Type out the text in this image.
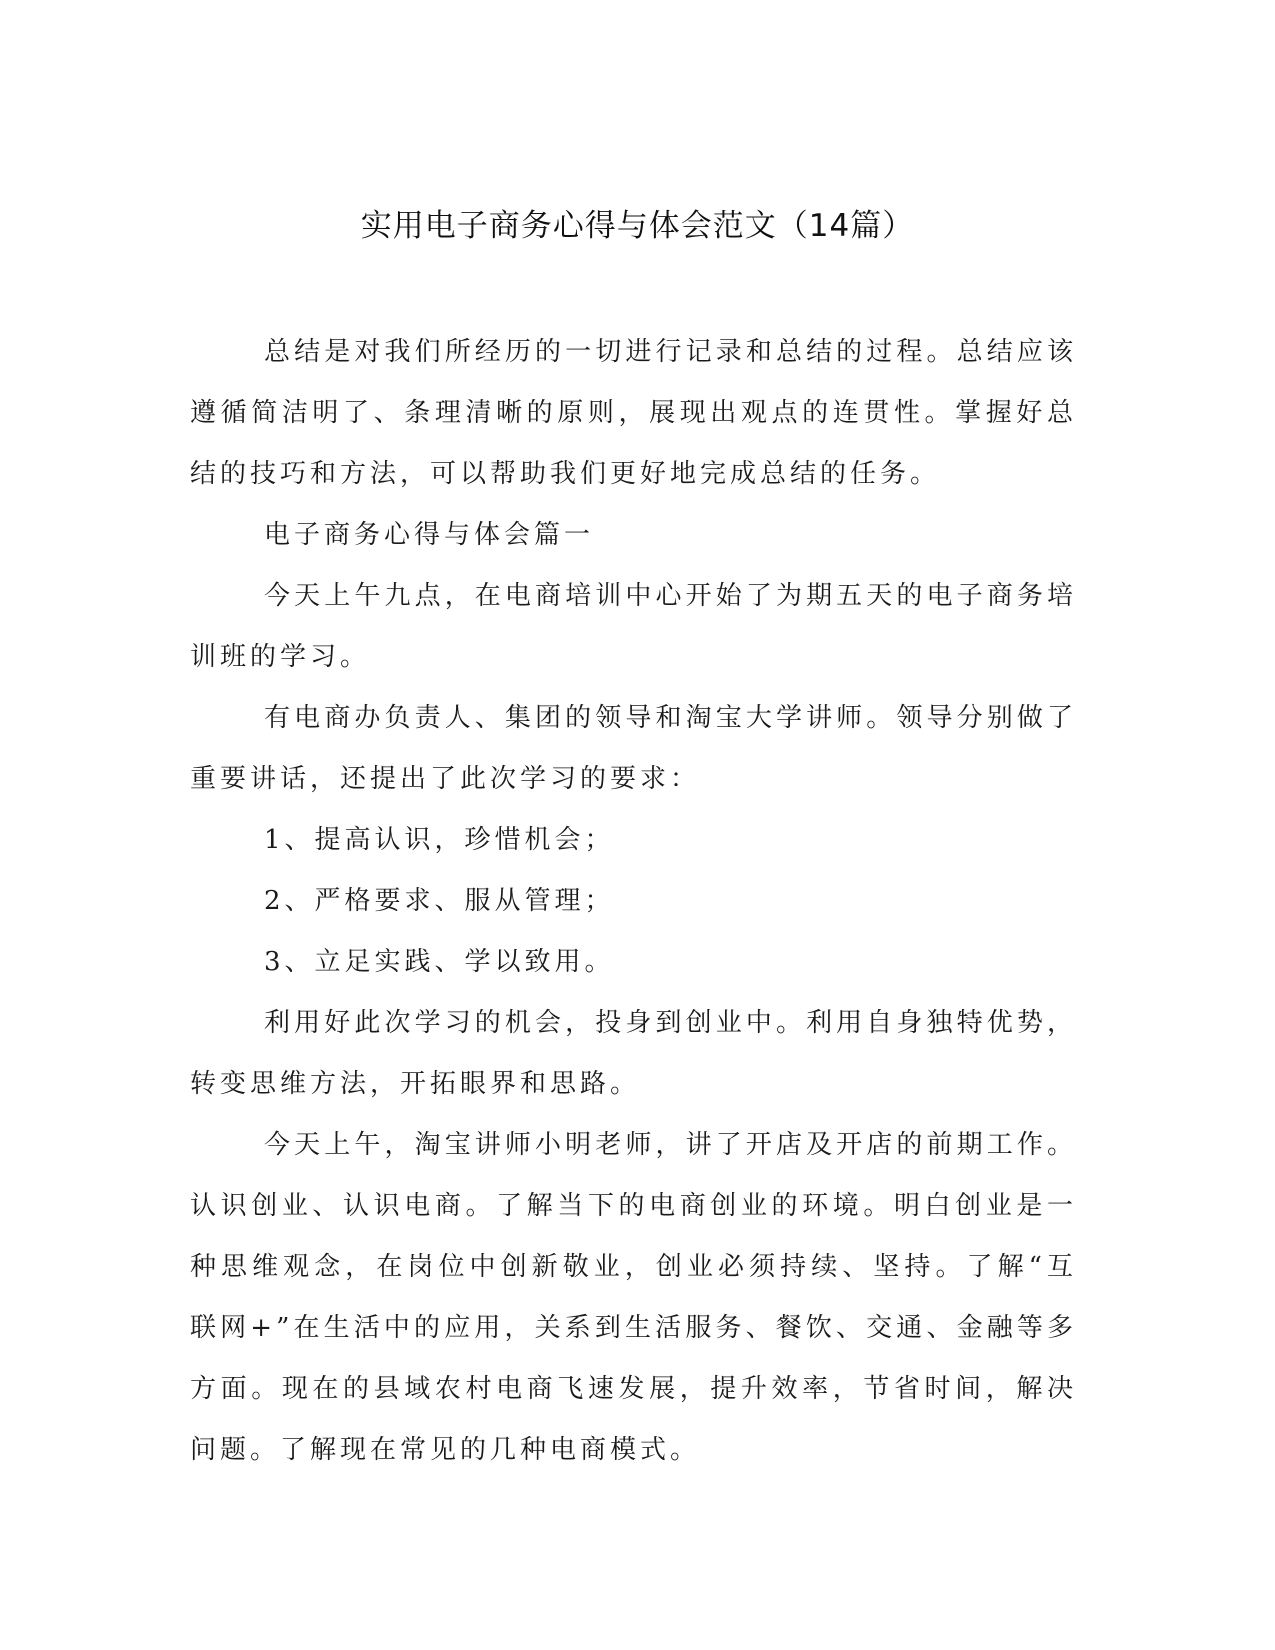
实用电子商务心得与体会范文（14篇）

总结是对我们所经历的一切进行记录和总结的过程。总结应该遵循简洁明了、条理清晰的原则，展现出观点的连贯性。掌握好总结的技巧和方法，可以帮助我们更好地完成总结的任务。

电子商务心得与体会篇一

今天上午九点，在电商培训中心开始了为期五天的电子商务培训班的学习。

有电商办负责人、集团的领导和淘宝大学讲师。领导分别做了重要讲话，还提出了此次学习的要求：

1、提高认识，珍惜机会；

2、严格要求、服从管理；

3、立足实践、学以致用。

利用好此次学习的机会，投身到创业中。利用自身独特优势，转变思维方法，开拓眼界和思路。

今天上午，淘宝讲师小明老师，讲了开店及开店的前期工作。认识创业、认识电商。了解当下的电商创业的环境。明白创业是一种思维观念，在岗位中创新敬业，创业必须持续、坚持。了解“互联网+”在生活中的应用，关系到生活服务、餐饮、交通、金融等多方面。现在的县域农村电商飞速发展，提升效率，节省时间，解决问题。了解现在常见的几种电商模式。
